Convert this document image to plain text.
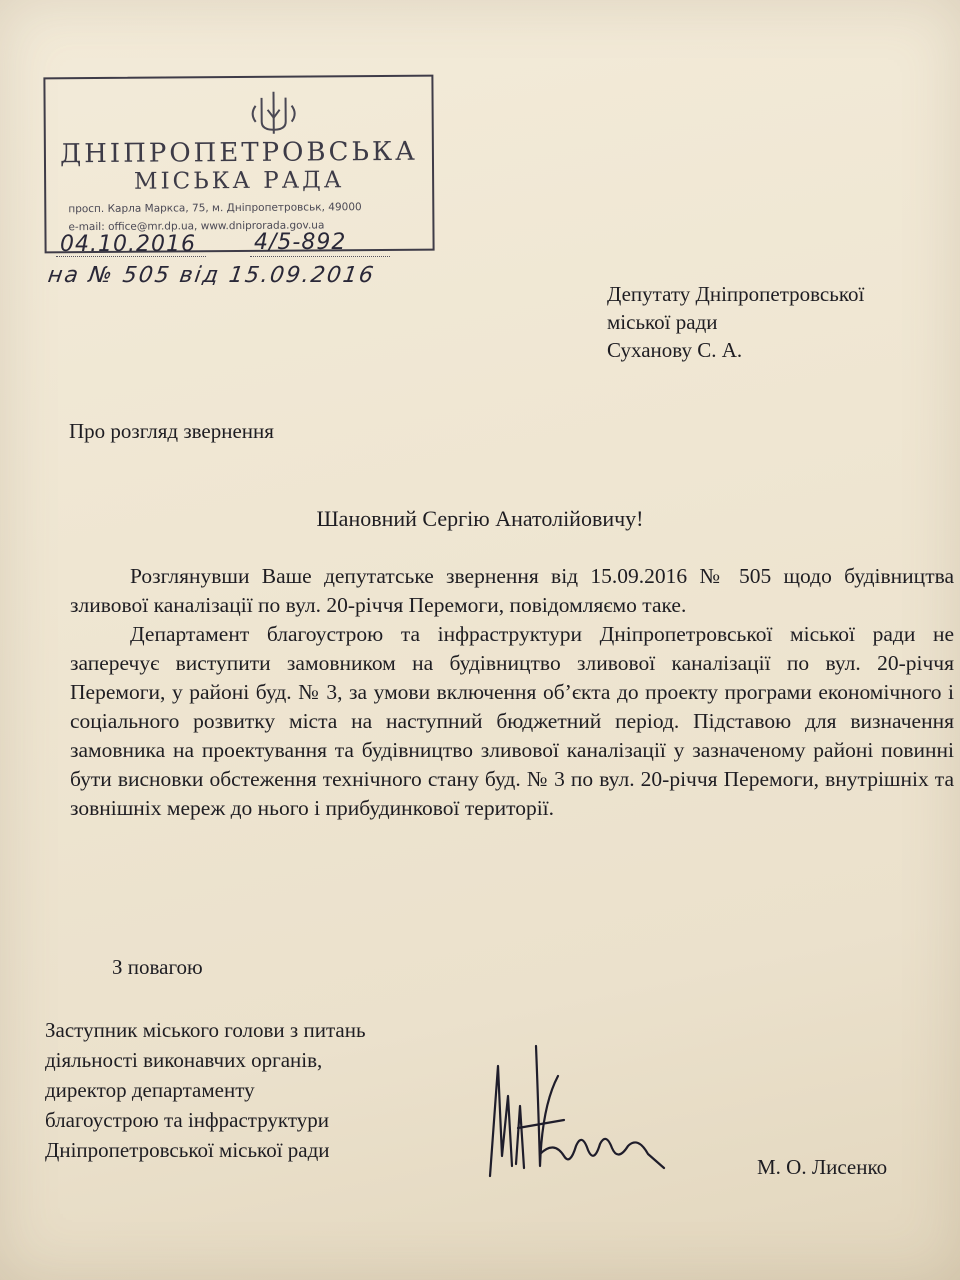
ДНІПРОПЕТРОВСЬКА
МІСЬКА РАДА
просп. Карла Маркса, 75, м. Дніпропетровськ, 49000
e-mail: office@mr.dp.ua, www.dniprorada.gov.ua
04.10.2016	4/5-892
на № 505 від 15.09.2016
Депутату Дніпропетровської
міської ради
Суханову С. А.
Про розгляд звернення
Шановний Сергію Анатолійовичу!

Розглянувши Ваше депутатське звернення від 15.09.2016 № 505 щодо будівництва зливової каналізації по вул. 20-річчя Перемоги, повідомляємо таке.

Департамент благоустрою та інфраструктури Дніпропетровської міської ради не заперечує виступити замовником на будівництво зливової каналізації по вул. 20-річчя Перемоги, у районі буд. № 3, за умови включення об’єкта до проекту програми економічного і соціального розвитку міста на наступний бюджетний період. Підставою для визначення замовника на проектування та будівництво зливової каналізації у зазначеному районі повинні бути висновки обстеження технічного стану буд. № 3 по вул. 20-річчя Перемоги, внутрішніх та зовнішніх мереж до нього і прибудинкової території.

З повагою
Заступник міського голови з питань
діяльності виконавчих органів,
директор департаменту
благоустрою та інфраструктури
Дніпропетровської міської ради
М. О. Лисенко
